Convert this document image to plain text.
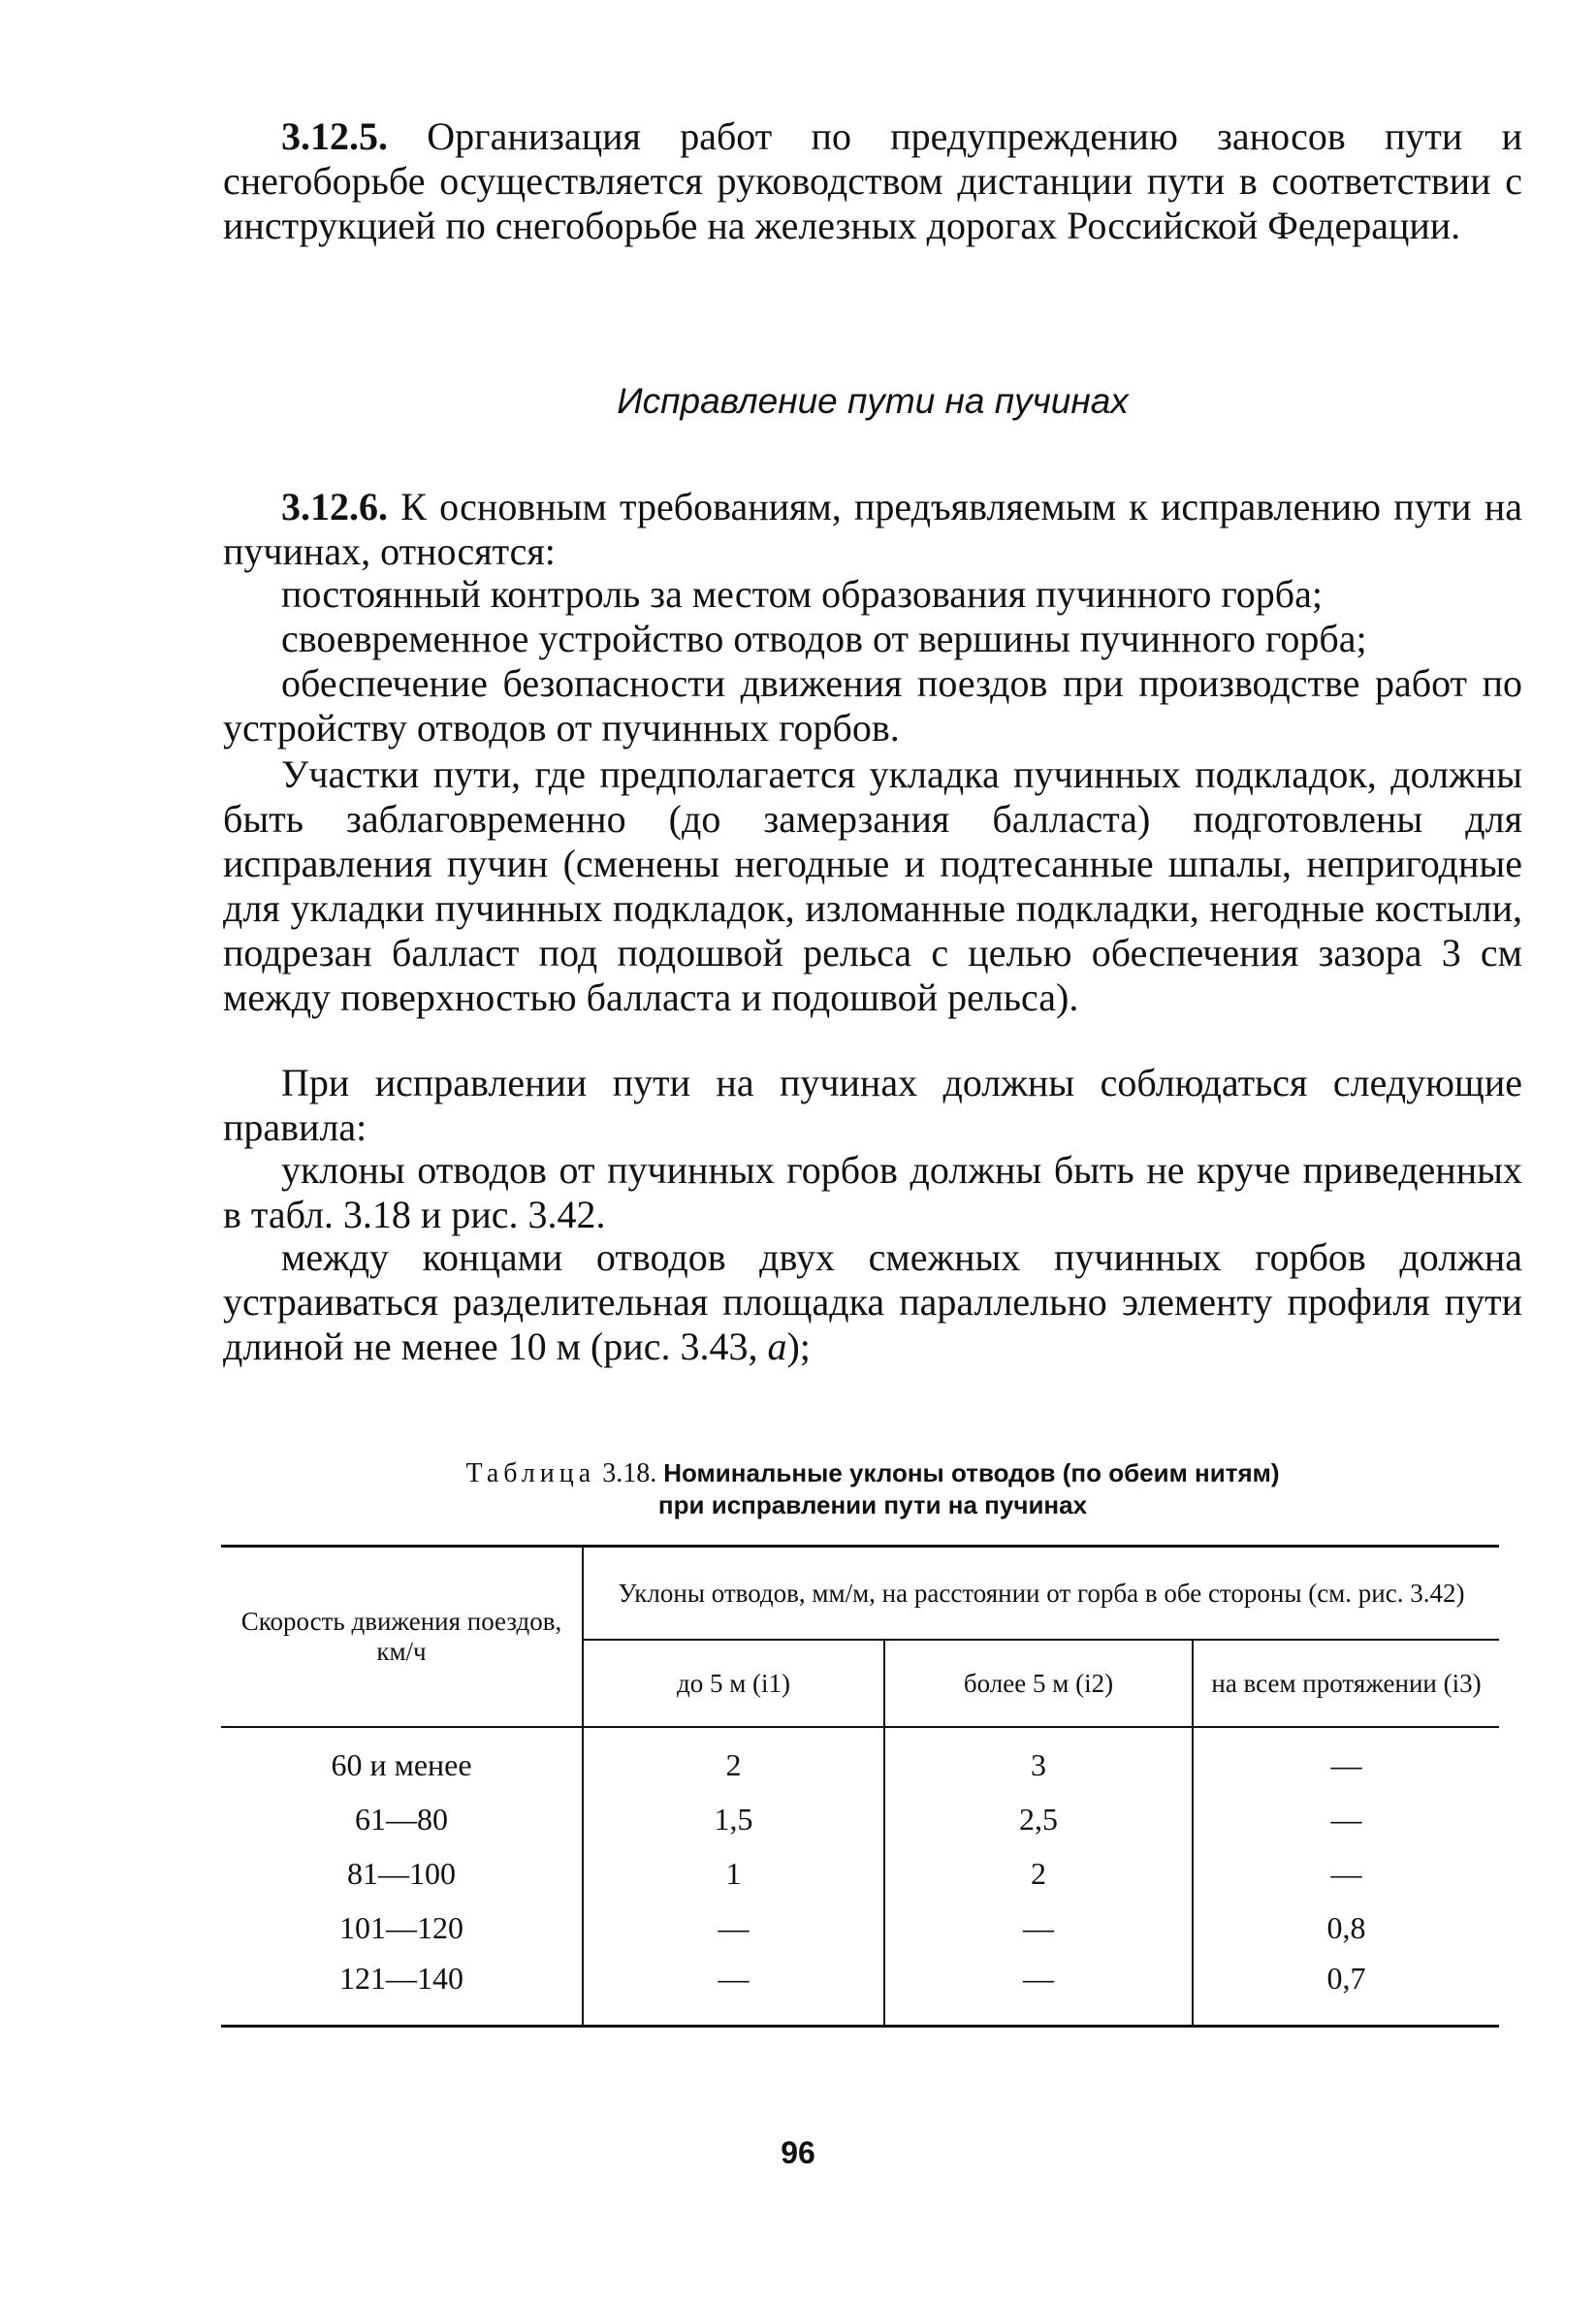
3.12.5. Организация работ по предупреждению заносов пути и снегоборьбе осуществляется руководством дистанции пути в соответствии с инструкцией по снегоборьбе на железных дорогах Российской Федерации.

Исправление пути на пучинах

3.12.6. К основным требованиям, предъявляемым к исправлению пути на пучинах, относятся:

постоянный контроль за местом образования пучинного горба;

своевременное устройство отводов от вершины пучинного горба;

обеспечение безопасности движения поездов при производстве работ по устройству отводов от пучинных горбов.

Участки пути, где предполагается укладка пучинных подкладок, должны быть заблаговременно (до замерзания балласта) подготовлены для исправления пучин (сменены негодные и подтесанные шпалы, непригодные для укладки пучинных подкладок, изломанные подкладки, негодные костыли, подрезан балласт под подошвой рельса с целью обеспечения зазора 3 см между поверхностью балласта и подошвой рельса).

При исправлении пути на пучинах должны соблюдаться следующие правила:

уклоны отводов от пучинных горбов должны быть не круче приведенных в табл. 3.18 и рис. 3.42.

между концами отводов двух смежных пучинных горбов должна устраиваться разделительная площадка параллельно элементу профиля пути длиной не менее 10 м (рис. 3.43, а);

Таблица 3.18. Номинальные уклоны отводов (по обеим нитям)
при исправлении пути на пучинах

Скорость движения поездов, км/ч	Уклоны отводов, мм/м, на расстоянии от горба в обе стороны (см. рис. 3.42)		
	до 5 м (i1)	более 5 м (i2)	на всем протяжении (i3)
60 и менее	2	3	—
61—80	1,5	2,5	—
81—100	1	2	—
101—120	—	—	0,8
121—140	—	—	0,7

96
